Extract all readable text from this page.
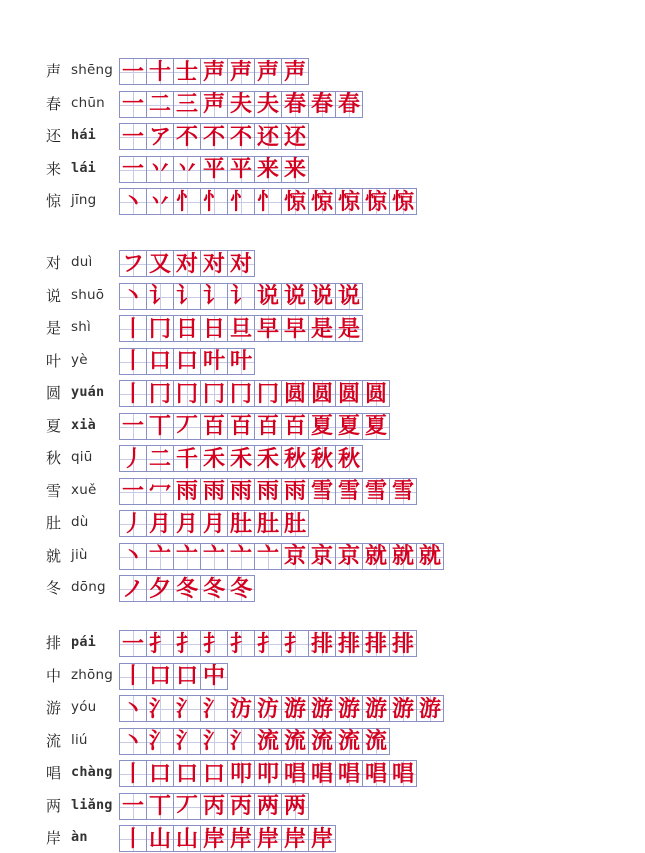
声 shēng 一 十 士 声 声 声 声
春 chūn 一 二 三 声 夫 夫 春 春 春
还 hái 一 ア 不 不 不 还 还
来 lái 一 丷 丷 平 平 来 来
惊 jīng 丶 丷 忄 忄 忄 忄 惊 惊 惊 惊 惊
对 duì フ 又 对 对 对
说 shuō 丶 讠 讠 讠 讠 说 说 说 说
是 shì 丨 冂 日 日 旦 早 早 是 是
叶 yè 丨 口 口 叶 叶
圆 yuán 丨 冂 冂 冂 冂 冂 圆 圆 圆 圆
夏 xià 一 丅 丆 百 百 百 百 夏 夏 夏
秋 qiū 丿 二 千 禾 禾 禾 秋 秋 秋
雪 xuě 一 冖 雨 雨 雨 雨 雨 雪 雪 雪 雪
肚 dù 丿 月 月 月 肚 肚 肚
就 jiù 丶 亠 亠 亠 亠 亠 京 京 京 就 就 就
冬 dōng ノ 夕 冬 冬 冬
排 pái 一 扌 扌 扌 扌 扌 扌 排 排 排 排
中 zhōng 丨 口 口 中
游 yóu 丶 氵 氵 氵 汸 汸 游 游 游 游 游 游
流 liú 丶 氵 氵 氵 氵 流 流 流 流 流
唱 chàng 丨 口 口 口 叩 叩 唱 唱 唱 唱 唱
两 liǎng 一 丅 丆 丙 丙 两 两
岸 àn 丨 山 山 岸 岸 岸 岸 岸
